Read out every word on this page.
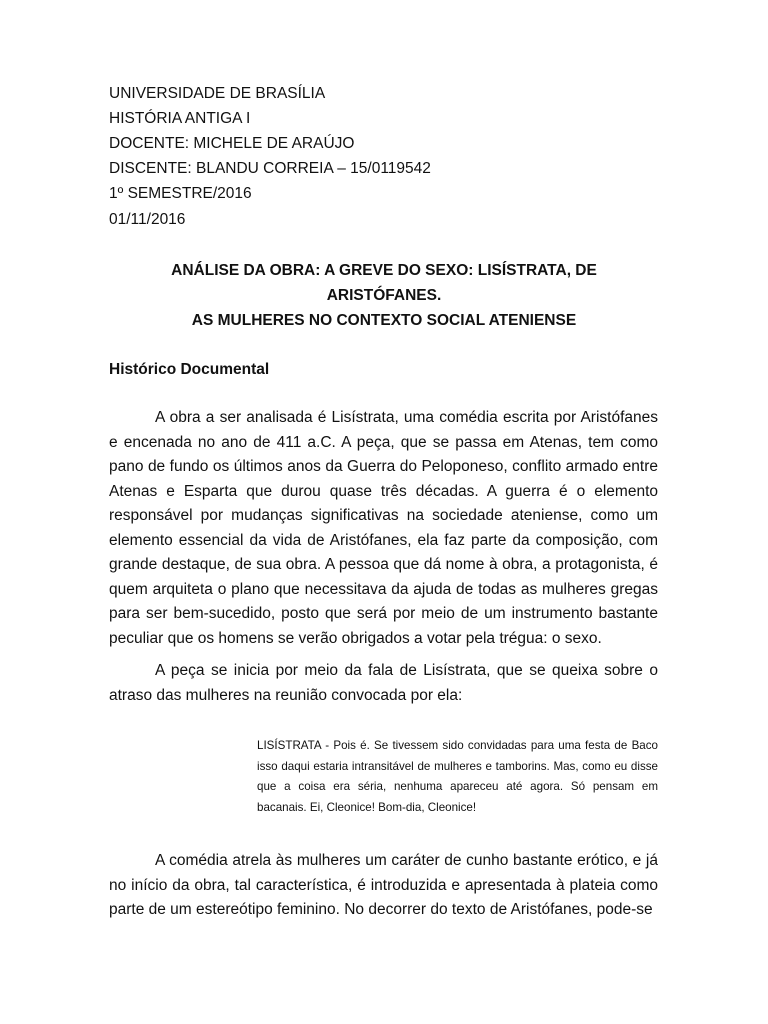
UNIVERSIDADE DE BRASÍLIA
HISTÓRIA ANTIGA I
DOCENTE: MICHELE DE ARAÚJO
DISCENTE: BLANDU CORREIA – 15/0119542
1º SEMESTRE/2016
01/11/2016
ANÁLISE DA OBRA: A GREVE DO SEXO: LISÍSTRATA, DE
ARISTÓFANES.
AS MULHERES NO CONTEXTO SOCIAL ATENIENSE
Histórico Documental

A obra a ser analisada é Lisístrata, uma comédia escrita por Aristófanes e encenada no ano de 411 a.C. A peça, que se passa em Atenas, tem como pano de fundo os últimos anos da Guerra do Peloponeso, conflito armado entre Atenas e Esparta que durou quase três décadas. A guerra é o elemento responsável por mudanças significativas na sociedade ateniense, como um elemento essencial da vida de Aristófanes, ela faz parte da composição, com grande destaque, de sua obra. A pessoa que dá nome à obra, a protagonista, é quem arquiteta o plano que necessitava da ajuda de todas as mulheres gregas para ser bem-sucedido, posto que será por meio de um instrumento bastante peculiar que os homens se verão obrigados a votar pela trégua: o sexo.

A peça se inicia por meio da fala de Lisístrata, que se queixa sobre o atraso das mulheres na reunião convocada por ela:

LISÍSTRATA - Pois é. Se tivessem sido convidadas para uma festa de Baco isso daqui estaria intransitável de mulheres e tamborins. Mas, como eu disse que a coisa era séria, nenhuma apareceu até agora. Só pensam em bacanais. Ei, Cleonice! Bom-dia, Cleonice!

A comédia atrela às mulheres um caráter de cunho bastante erótico, e já no início da obra, tal característica, é introduzida e apresentada à plateia como parte de um estereótipo feminino. No decorrer do texto de Aristófanes, pode-se
